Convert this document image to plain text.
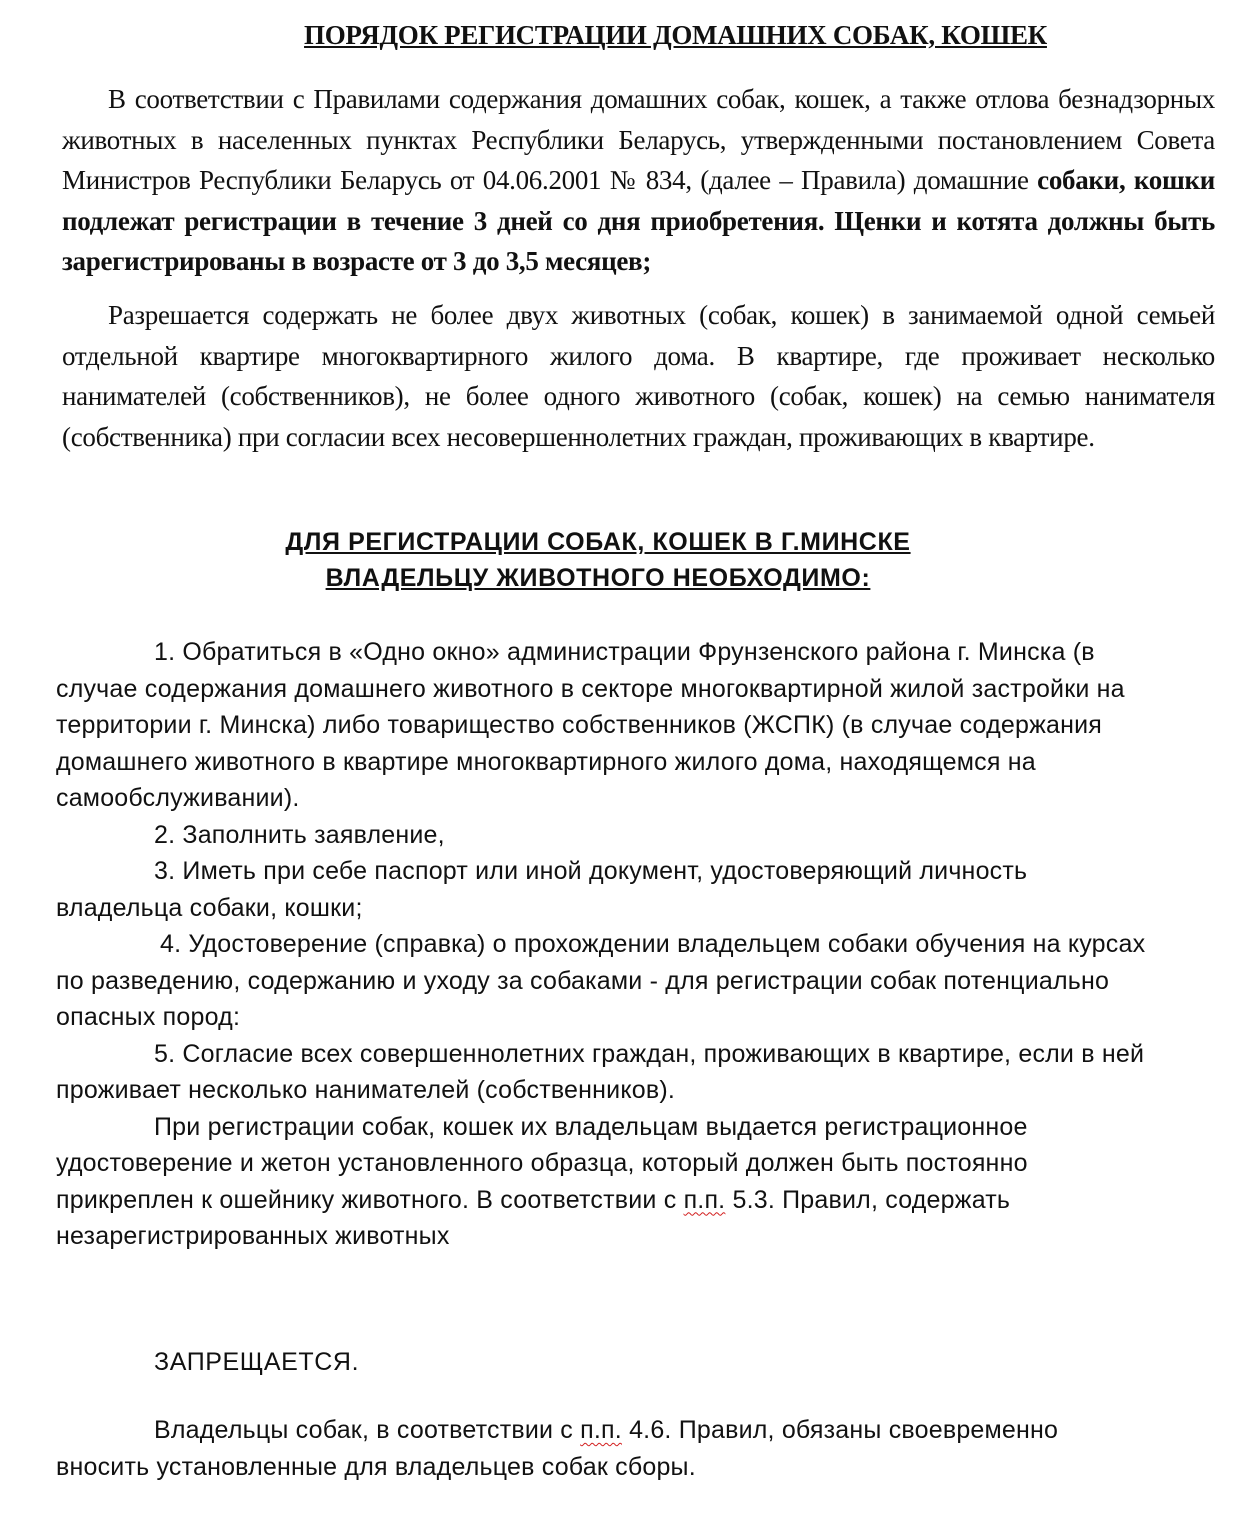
ПОРЯДОК РЕГИСТРАЦИИ ДОМАШНИХ СОБАК, КОШЕК

В соответствии с Правилами содержания домашних собак, кошек, а также отлова безнадзорных животных в населенных пунктах Республики Беларусь, утвержденными постановлением Совета Министров Республики Беларусь от 04.06.2001 № 834, (далее – Правила) домашние собаки, кошки подлежат регистрации в течение 3 дней со дня приобретения. Щенки и котята должны быть зарегистрированы в возрасте от 3 до 3,5 месяцев;

Разрешается содержать не более двух животных (собак, кошек) в занимаемой одной семьей отдельной квартире многоквартирного жилого дома. В квартире, где проживает несколько нанимателей (собственников), не более одного животного (собак, кошек) на семью нанимателя (собственника) при согласии всех несовершеннолетних граждан, проживающих в квартире.

ДЛЯ РЕГИСТРАЦИИ СОБАК, КОШЕК В Г.МИНСКЕ
ВЛАДЕЛЬЦУ ЖИВОТНОГО НЕОБХОДИМО:

1. Обратиться в «Одно окно» администрации Фрунзенского района г. Минска (в случае содержания домашнего животного в секторе многоквартирной жилой застройки на территории г. Минска) либо товарищество собственников (ЖСПК) (в случае содержания домашнего животного в квартире многоквартирного жилого дома, находящемся на самообслуживании).

2. Заполнить заявление,

3. Иметь при себе паспорт или иной документ, удостоверяющий личность владельца собаки, кошки;

4. Удостоверение (справка) о прохождении владельцем собаки обучения на курсах по разведению, содержанию и уходу за собаками - для регистрации собак потенциально опасных пород:

5. Согласие всех совершеннолетних граждан, проживающих в квартире, если в ней проживает несколько нанимателей (собственников).

При регистрации собак, кошек их владельцам выдается регистрационное удостоверение и жетон установленного образца, который должен быть постоянно прикреплен к ошейнику животного. В соответствии с п.п. 5.3. Правил, содержать незарегистрированных животных

ЗАПРЕЩАЕТСЯ.

Владельцы собак, в соответствии с п.п. 4.6. Правил, обязаны своевременно вносить установленные для владельцев собак сборы.
